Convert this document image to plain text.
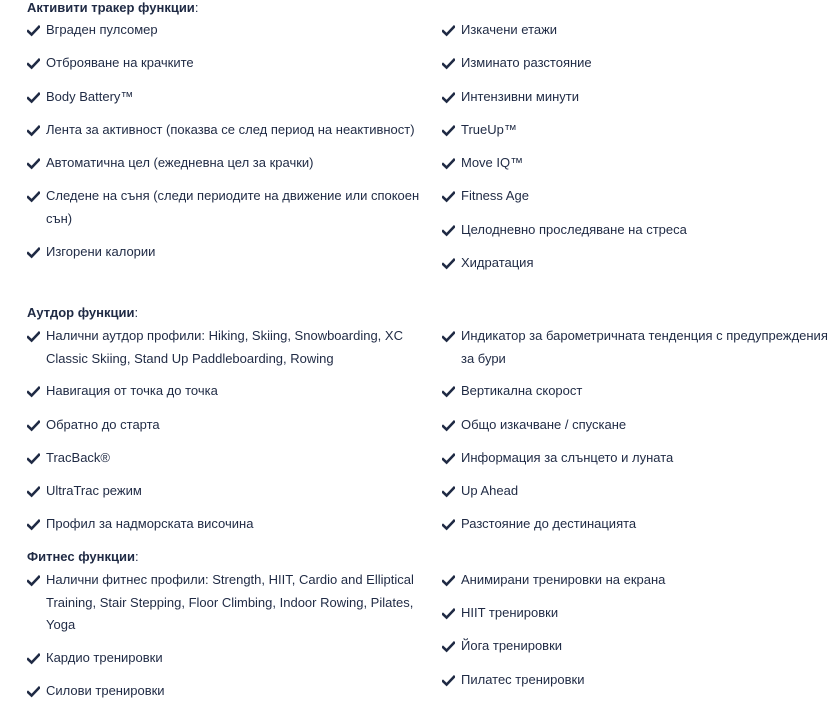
Активити тракер функции:
Вграден пулсомер
Отброяване на крачките
Body Battery™
Лента за активност (показва се след период на неактивност)
Автоматична цел (ежедневна цел за крачки)
Следене на съня (следи периодите на движение или спокоен сън)
Изгорени калории
Изкачени етажи
Изминато разстояние
Интензивни минути
TrueUp™
Move IQ™
Fitness Age
Целодневно проследяване на стреса
Хидратация
Аутдор функции:
Налични аутдор профили: Hiking, Skiing, Snowboarding, XC Classic Skiing, Stand Up Paddleboarding, Rowing
Навигация от точка до точка
Обратно до старта
TracBack®
UltraTrac режим
Профил за надморската височина
Индикатор за барометричната тенденция с предупреждения за бури
Вертикална скорост
Общо изкачване / спускане
Информация за слънцето и луната
Up Ahead
Разстояние до дестинацията
Фитнес функции:
Налични фитнес профили: Strength, HIIT, Cardio and Elliptical Training, Stair Stepping, Floor Climbing, Indoor Rowing, Pilates, Yoga
Кардио тренировки
Силови тренировки
Анимирани тренировки на екрана
HIIT тренировки
Йога тренировки
Пилатес тренировки
